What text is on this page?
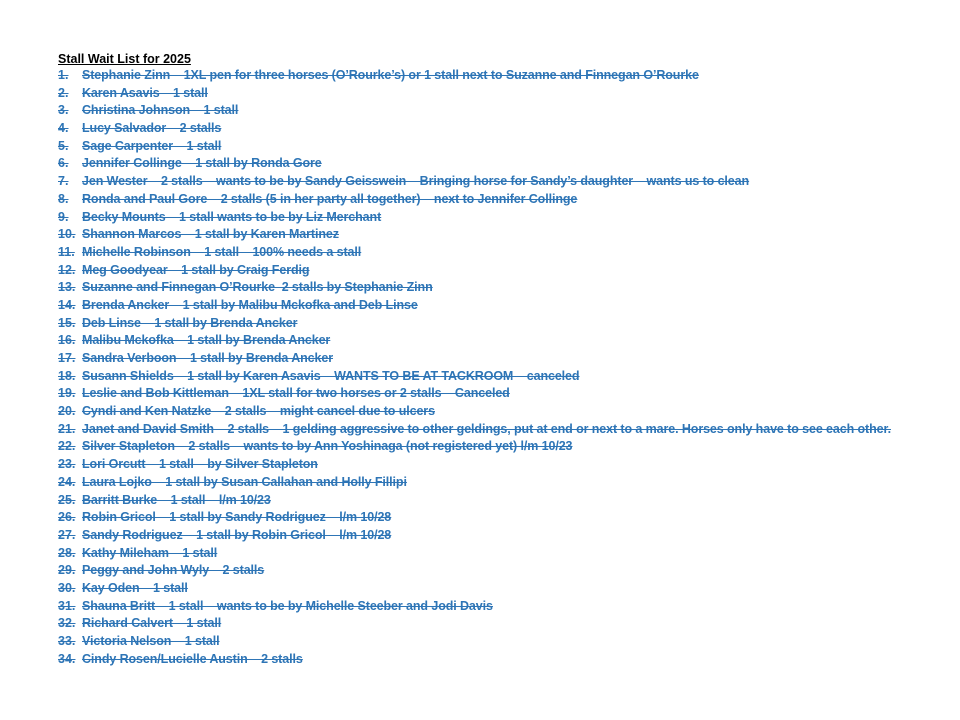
Stall Wait List for 2025
1.	Stephanie Zinn    1XL pen for three horses (O’Rourke’s) or 1 stall next to Suzanne and Finnegan O’Rourke
2.	Karen Asavis    1 stall
3.	Christina Johnson    1 stall
4.	Lucy Salvador    2 stalls
5.	Sage Carpenter    1 stall
6.	Jennifer Collinge    1 stall by Ronda Gore
7.	Jen Wester    2 stalls    wants to be by Sandy Geisswein    Bringing horse for Sandy’s daughter    wants us to clean
8.	Ronda and Paul Gore    2 stalls (5 in her party all together)    next to Jennifer Collinge
9.	Becky Mounts    1 stall wants to be by Liz Merchant
10. Shannon Marcos    1 stall by Karen Martinez
11. Michelle Robinson    1 stall    100% needs a stall
12. Meg Goodyear    1 stall by Craig Ferdig
13. Suzanne and Finnegan O’Rourke  2 stalls by Stephanie Zinn
14. Brenda Ancker    1 stall by Malibu Mckofka and Deb Linse
15. Deb Linse    1 stall by Brenda Ancker
16. Malibu Mckofka    1 stall by Brenda Ancker
17. Sandra Verboon    1 stall by Brenda Ancker
18. Susann Shields    1 stall by Karen Asavis    WANTS TO BE AT TACKROOM    canceled
19. Leslie and Bob Kittleman    1XL stall for two horses or 2 stalls    Canceled
20. Cyndi and Ken Natzke    2 stalls    might cancel due to ulcers
21. Janet and David Smith    2 stalls    1 gelding aggressive to other geldings, put at end or next to a mare. Horses only have to see each other.
22. Silver Stapleton    2 stalls    wants to by Ann Yoshinaga (not registered yet) l/m 10/23
23. Lori Orcutt    1 stall    by Silver Stapleton
24. Laura Lojko    1 stall by Susan Callahan and Holly Fillipi
25. Barritt Burke    1 stall    l/m 10/23
26. Robin Gricol    1 stall by Sandy Rodriguez    l/m 10/28
27. Sandy Rodriguez    1 stall by Robin Gricol    l/m 10/28
28. Kathy Mileham    1 stall
29. Peggy and John Wyly    2 stalls
30. Kay Oden    1 stall
31. Shauna Britt    1 stall    wants to be by Michelle Steeber and Jodi Davis
32. Richard Calvert    1 stall
33. Victoria Nelson    1 stall
34. Cindy Rosen/Lucielle Austin    2 stalls
